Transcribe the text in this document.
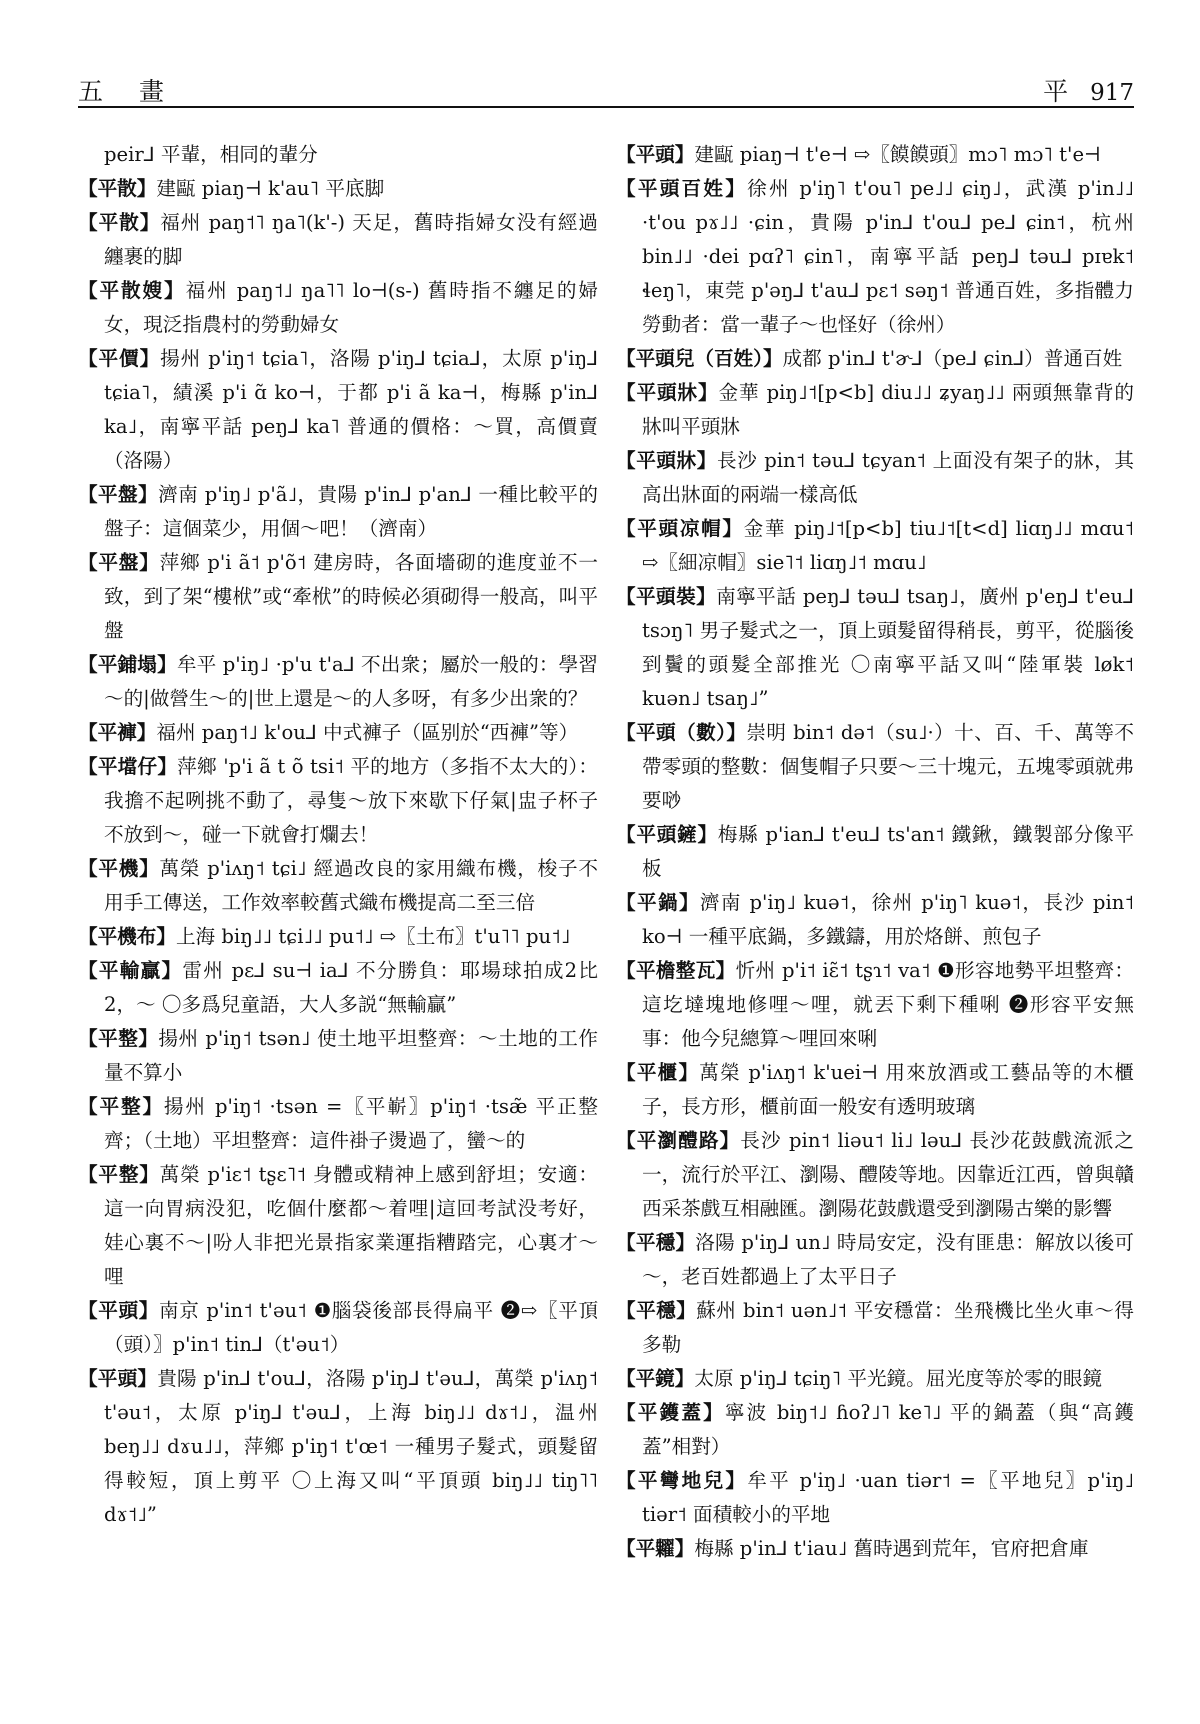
五 畫	平 917

peir⅃ 平輩，相同的輩分

【 平散 】 建甌 piaŋ⊣ k'au˥ 平底脚

【 平散 】 福州 paŋ˦˥ ŋa˥(k'-) 天足，舊時指婦女没有經過纏裹的脚

【 平散嫂 】 福州 paŋ˦˩ ŋa˥˥ lo⊣(s-) 舊時指不纏足的婦女，現泛指農村的勞動婦女

【 平價 】 揚州 p'iŋ˦ tɕia˥，洛陽 p'iŋ⅃ tɕia⅃，太原 p'iŋ⅃ tɕia˥，績溪 p'i ɑ̃ ko⊣，于都 p'i ã ka⊣，梅縣 p'in⅃ ka˩，南寧平話 peŋ⅃ ka˥ 普通的價格：～買，高價賣（洛陽）

【 平盤 】 濟南 p'iŋ˩ p'ã˩，貴陽 p'in⅃ p'an⅃ 一種比較平的盤子：這個菜少，用個～吧！（濟南）

【 平盤 】 萍鄉 p'i ã˦ p'õ˦ 建房時，各面墻砌的進度並不一致，到了架“樓栿”或“牽栿”的時候必須砌得一般高，叫平盤

【 平鋪塌 】 牟平 p'iŋ˩ ·p'u t'a⅃ 不出衆；屬於一般的：學習～的|做營生～的|世上還是～的人多呀，有多少出衆的？

【 平褲 】 福州 paŋ˦˩ k'ou⅃ 中式褲子（區别於“西褲”等）

【 平壋仔 】 萍鄉 'p'i ã t õ tsi˦ 平的地方（多指不太大的）：我擔不起咧挑不動了，尋隻～放下來歇下仔氣|盅子杯子不放到～，碰一下就會打爛去！

【 平機 】 萬榮 p'iʌŋ˦ tɕi˩ 經過改良的家用織布機，梭子不用手工傳送，工作效率較舊式織布機提高二至三倍

【 平機布 】 上海 biŋ˩˩ tɕi˩˩ pu˦˩ ⇨〖土布〗t'u˥˥ pu˦˩

【 平輸贏 】 雷州 pɛ⅃ su⊣ ia⅃ 不分勝負：耶場球拍成2比2，～ 〇多爲兒童語，大人多説“無輸贏”

【 平整 】 揚州 p'iŋ˦ tsən˩ 使土地平坦整齊：～土地的工作量不算小

【 平整 】 揚州 p'iŋ˦ ·tsən =〖平嶄〗p'iŋ˦ ·tsæ̃ 平正整齊；（土地）平坦整齊：這件褂子燙過了，蠻～的

【 平整 】 萬榮 p'iɛ˦ tʂɛ˥˦ 身體或精神上感到舒坦；安適：這一向胃病没犯，吃個什麼都～着哩|這回考試没考好，娃心裏不～|吩人非把光景指家業運指糟踏完，心裏才～哩

【 平頭 】 南京 p'in˦ t'əu˦ ❶腦袋後部長得扁平 ❷⇨〖平頂（頭）〗p'in˦ tin⅃（t'əu˦）

【 平頭 】 貴陽 p'in⅃ t'ou⅃，洛陽 p'iŋ⅃ t'əu⅃，萬榮 p'iʌŋ˦ t'əu˦，太原 p'iŋ⅃ t'əu⅃，上海 biŋ˩˩ dɤ˦˩，温州 beŋ˩˩ dɤu˩˩，萍鄉 p'iŋ˦ t'œ˦ 一種男子髮式，頭髮留得較短，頂上剪平 〇上海又叫“平頂頭 biŋ˩˩ tiŋ˥˥ dɤ˦˩”

【 平頭 】 建甌 piaŋ⊣ t'e⊣ ⇨〖饃饃頭〗mɔ˥ mɔ˥ t'e⊣

【 平頭百姓 】 徐州 p'iŋ˥ t'ou˥ pe˩˩ ɕiŋ˩，武漢 p'in˩˩ ·t'ou pɤ˩˩ ·ɕin，貴陽 p'in⅃ t'ou⅃ pe⅃ ɕin˦，杭州 bin˩˩ ·dei pɑʔ˥ ɕin˥，南寧平話 peŋ⅃ təu⅃ pɪɐk˦ ɬeŋ˥，東莞 p'əŋ⅃ t'au⅃ pɛ˦ səŋ˦ 普通百姓，多指體力勞動者：當一輩子～也怪好（徐州）

【 平頭兒（百姓） 】 成都 p'in⅃ t'ɚ⅃（pe⅃ ɕin⅃）普通百姓

【 平頭牀 】 金華 piŋ˩˦[p<b] diu˩˩ ʑyaŋ˩˩ 兩頭無靠背的牀叫平頭牀

【 平頭牀 】 長沙 pin˦ təu⅃ tɕyan˦ 上面没有架子的牀，其高出牀面的兩端一樣高低

【 平頭凉帽 】 金華 piŋ˩˦[p<b] tiu˩˦[t<d] liɑŋ˩˩ mɑu˦ ⇨〖細凉帽〗sie˥˦ liɑŋ˩˦ mɑu˩

【 平頭裝 】 南寧平話 peŋ⅃ təu⅃ tsaŋ˩，廣州 p'eŋ⅃ t'eu⅃ tsɔŋ˥ 男子髮式之一，頂上頭髮留得稍長，剪平，從腦後到鬢的頭髮全部推光 〇南寧平話又叫“陸軍裝 løk˦ kuən˩ tsaŋ˩”

【 平頭（數） 】 崇明 bin˦ də˦（su˩·）十、百、千、萬等不帶零頭的整數：個隻帽子只要～三十塊元，五塊零頭就弗要唦

【 平頭鏟 】 梅縣 p'ian⅃ t'eu⅃ ts'an˦ 鐵鍬，鐵製部分像平板

【 平鍋 】 濟南 p'iŋ˩ kuə˦，徐州 p'iŋ˥ kuə˦，長沙 pin˦ ko⊣ 一種平底鍋，多鐵鑄，用於烙餅、煎包子

【 平檐整瓦 】 忻州 p'i˦ iɛ̃˦ tʂɿ˦ va˦ ❶形容地勢平坦整齊：這圪墶塊地修哩～哩，就丟下剩下種唎 ❷形容平安無事：他今兒總算～哩回來唎

【 平櫃 】 萬榮 p'iʌŋ˦ k'uei⊣ 用來放酒或工藝品等的木櫃子，長方形，櫃前面一般安有透明玻璃

【 平瀏醴路 】 長沙 pin˦ liəu˦ li˩ ləu⅃ 長沙花鼓戲流派之一，流行於平江、瀏陽、醴陵等地。因靠近江西，曾與贛西采茶戲互相融匯。瀏陽花鼓戲還受到瀏陽古樂的影響

【 平穩 】 洛陽 p'iŋ⅃ un˩ 時局安定，没有匪患：解放以後可～，老百姓都過上了太平日子

【 平穩 】 蘇州 bin˦ uən˩˦ 平安穩當：坐飛機比坐火車～得多勒

【 平鏡 】 太原 p'iŋ⅃ tɕiŋ˥ 平光鏡。屈光度等於零的眼鏡

【 平鑊蓋 】 寧波 biŋ˦˩ ɦoʔ˩˥ ke˥˩ 平的鍋蓋（與“高鑊蓋”相對）

【 平彎地兒 】 牟平 p'iŋ˩ ·uan tiər˦ =〖平地兒〗p'iŋ˩ tiər˦ 面積較小的平地

【 平糶 】 梅縣 p'in⅃ t'iau˩ 舊時遇到荒年，官府把倉庫
